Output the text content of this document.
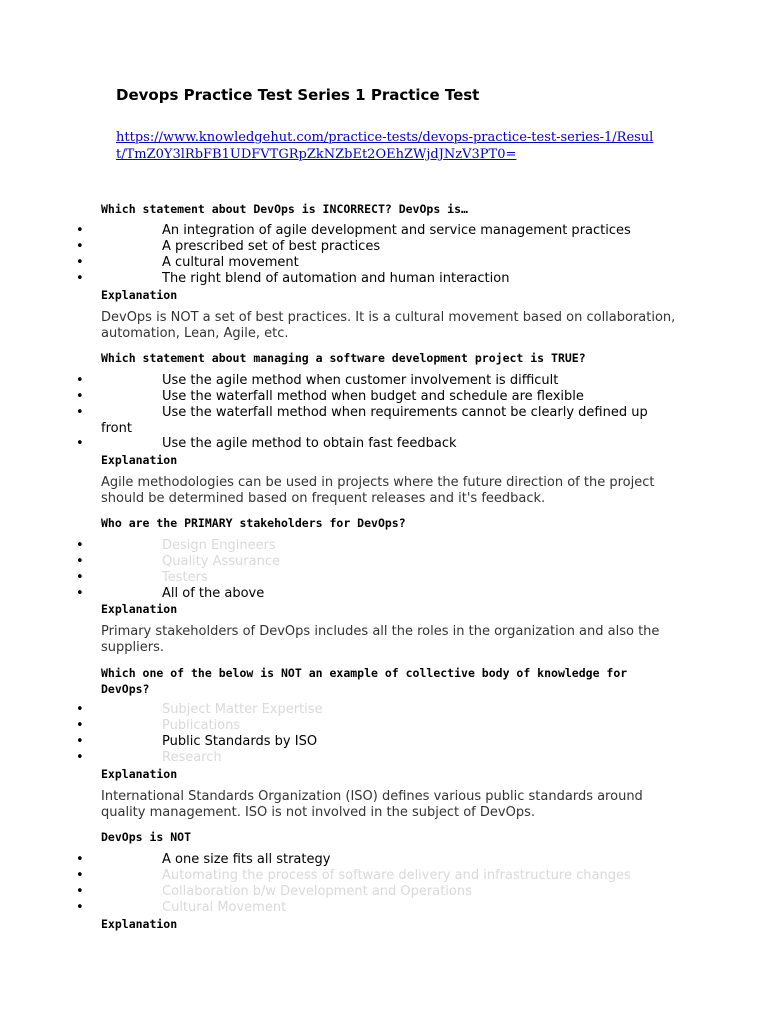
Devops Practice Test Series 1 Practice Test
https://www.knowledgehut.com/practice-tests/devops-practice-test-series-1/Result/TmZ0Y3lRbFB1UDFVTGRpZkNZbEt2OEhZWjdJNzV3PT0=

Which statement about DevOps is INCORRECT? DevOps is…

•	An integration of agile development and service management practices
•	A prescribed set of best practices
•	A cultural movement
•	The right blend of automation and human interaction

Explanation

DevOps is NOT a set of best practices. It is a cultural movement based on collaboration, automation, Lean, Agile, etc.

Which statement about managing a software development project is TRUE?

•	Use the agile method when customer involvement is difficult
•	Use the waterfall method when budget and schedule are flexible
•	Use the waterfall method when requirements cannot be clearly defined up front
•	Use the agile method to obtain fast feedback

Explanation

Agile methodologies can be used in projects where the future direction of the project should be determined based on frequent releases and it's feedback.

Who are the PRIMARY stakeholders for DevOps?

•	Design Engineers
•	Quality Assurance
•	Testers
•	All of the above

Explanation

Primary stakeholders of DevOps includes all the roles in the organization and also the suppliers.

Which one of the below is NOT an example of collective body of knowledge for DevOps?

•	Subject Matter Expertise
•	Publications
•	Public Standards by ISO
•	Research

Explanation

International Standards Organization (ISO) defines various public standards around quality management. ISO is not involved in the subject of DevOps.

DevOps is NOT

•	A one size fits all strategy
•	Automating the process of software delivery and infrastructure changes
•	Collaboration b/w Development and Operations
•	Cultural Movement

Explanation
